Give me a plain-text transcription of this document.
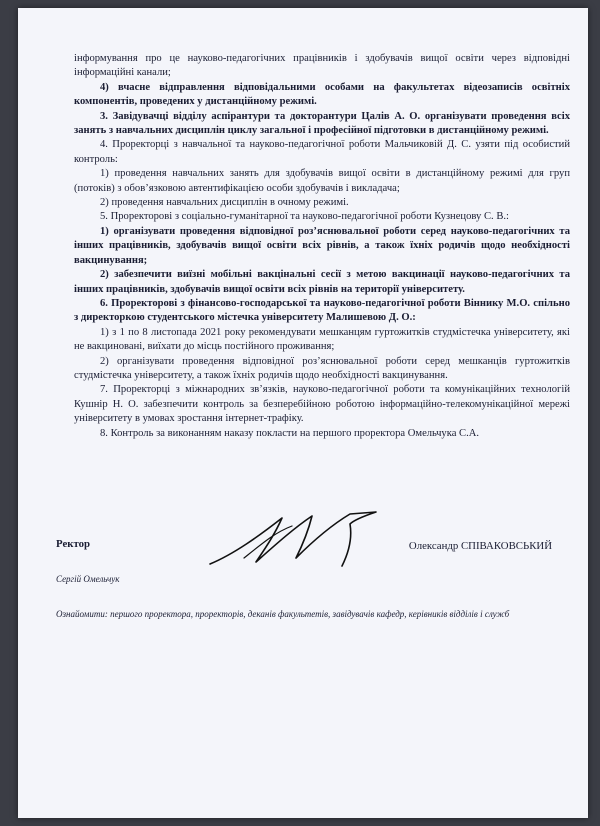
інформування про це науково-педагогічних працівників і здобувачів вищої освіти через відповідні інформаційні канали;

4) вчасне відправлення відповідальними особами на факультетах відеозаписів освітніх компонентів, проведених у дистанційному режимі.

3. Завідувачці відділу аспірантури та докторантури Цалів А. О. організувати проведення всіх занять з навчальних дисциплін циклу загальної і професійної підготовки в дистанційному режимі.

4. Проректорці з навчальної та науково-педагогічної роботи Мальчиковій Д. С. узяти під особистий контроль:

1) проведення навчальних занять для здобувачів вищої освіти в дистанційному режимі для груп (потоків) з обов’язковою автентифікацією особи здобувачів і викладача;

2) проведення навчальних дисциплін в очному режимі.

5. Проректорові з соціально-гуманітарної та науково-педагогічної роботи Кузнецову С. В.:

1) організувати проведення відповідної роз’яснювальної роботи серед науково-педагогічних та інших працівників, здобувачів вищої освіти всіх рівнів, а також їхніх родичів щодо необхідності вакцинування;

2) забезпечити виїзні мобільні вакцінальні сесії з метою вакцинації науково-педагогічних та інших працівників, здобувачів вищої освіти всіх рівнів на території університету.

6. Проректорові з фінансово-господарської та науково-педагогічної роботи Віннику М.О. спільно з директоркою студентського містечка університету Малишевою Д. О.:

1) з 1 по 8 листопада 2021 року рекомендувати мешканцям гуртожитків студмістечка університету, які не вакциновані, виїхати до місць постійного проживання;

2) організувати проведення відповідної роз’яснювальної роботи серед мешканців гуртожитків студмістечка університету, а також їхніх родичів щодо необхідності вакцинування.

7. Проректорці з міжнародних зв’язків, науково-педагогічної роботи та комунікаційних технологій Кушнір Н. О. забезпечити контроль за безперебійною роботою інформаційно-телекомунікаційної мережі університету в умовах зростання інтернет-трафіку.

8. Контроль за виконанням наказу покласти на першого проректора Омельчука С.А.

Ректор	Олександр СПІВАКОВСЬКИЙ
Сергій Омельчук
Ознайомити: першого проректора, проректорів, деканів факультетів, завідувачів кафедр, керівників відділів і служб
